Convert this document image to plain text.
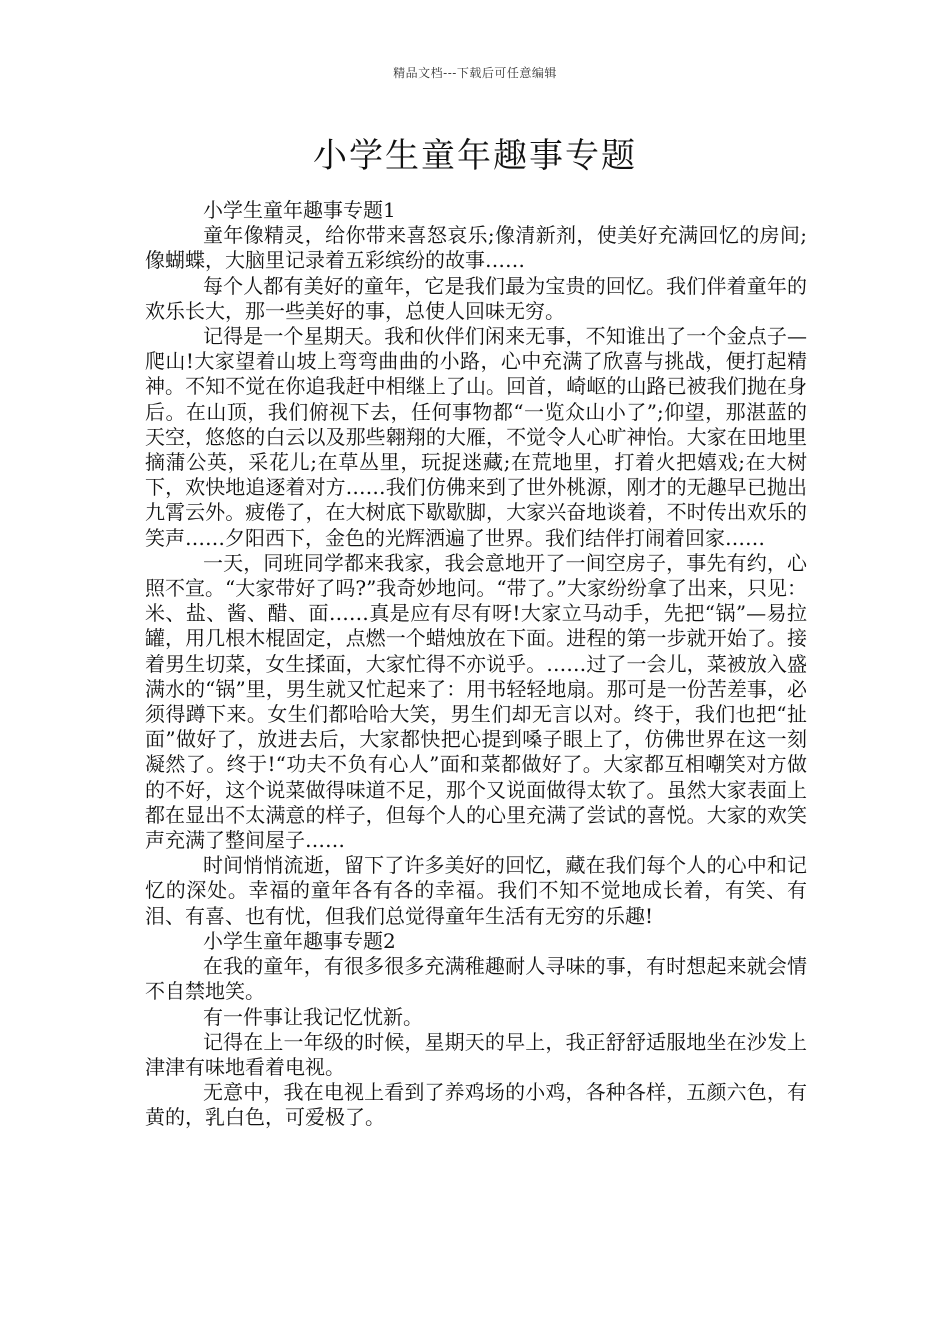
精品文档---下载后可任意编辑
小学生童年趣事专题

小学生童年趣事专题1

童年像精灵，给你带来喜怒哀乐;像清新剂，使美好充满回忆的房间;像蝴蝶，大脑里记录着五彩缤纷的故事……

每个人都有美好的童年，它是我们最为宝贵的回忆。我们伴着童年的欢乐长大，那一些美好的事，总使人回味无穷。

记得是一个星期天。我和伙伴们闲来无事，不知谁出了一个金点子—爬山!大家望着山坡上弯弯曲曲的小路，心中充满了欣喜与挑战，便打起精神。不知不觉在你追我赶中相继上了山。回首，崎岖的山路已被我们抛在身后。在山顶，我们俯视下去，任何事物都“一览众山小了”;仰望，那湛蓝的天空，悠悠的白云以及那些翱翔的大雁，不觉令人心旷神怡。大家在田地里摘蒲公英，采花儿;在草丛里，玩捉迷藏;在荒地里，打着火把嬉戏;在大树下，欢快地追逐着对方……我们仿佛来到了世外桃源，刚才的无趣早已抛出九霄云外。疲倦了，在大树底下歇歇脚，大家兴奋地谈着，不时传出欢乐的笑声……夕阳西下，金色的光辉洒遍了世界。我们结伴打闹着回家……

一天，同班同学都来我家，我会意地开了一间空房子，事先有约，心照不宣。“大家带好了吗?”我奇妙地问。“带了。”大家纷纷拿了出来，只见：米、盐、酱、醋、面……真是应有尽有呀!大家立马动手，先把“锅”—易拉罐，用几根木棍固定，点燃一个蜡烛放在下面。进程的第一步就开始了。接着男生切菜，女生揉面，大家忙得不亦说乎。……过了一会儿，菜被放入盛满水的“锅”里，男生就又忙起来了：用书轻轻地扇。那可是一份苦差事，必须得蹲下来。女生们都哈哈大笑，男生们却无言以对。终于，我们也把“扯面”做好了，放进去后，大家都快把心提到嗓子眼上了，仿佛世界在这一刻凝然了。终于!“功夫不负有心人”面和菜都做好了。大家都互相嘲笑对方做的不好，这个说菜做得味道不足，那个又说面做得太软了。虽然大家表面上都在显出不太满意的样子，但每个人的心里充满了尝试的喜悦。大家的欢笑声充满了整间屋子……

时间悄悄流逝，留下了许多美好的回忆，藏在我们每个人的心中和记忆的深处。幸福的童年各有各的幸福。我们不知不觉地成长着，有笑、有泪、有喜、也有忧，但我们总觉得童年生活有无穷的乐趣!

小学生童年趣事专题2

在我的童年，有很多很多充满稚趣耐人寻味的事，有时想起来就会情不自禁地笑。

有一件事让我记忆忧新。

记得在上一年级的时候，星期天的早上，我正舒舒适服地坐在沙发上津津有味地看着电视。

无意中，我在电视上看到了养鸡场的小鸡，各种各样，五颜六色，有黄的，乳白色，可爱极了。
